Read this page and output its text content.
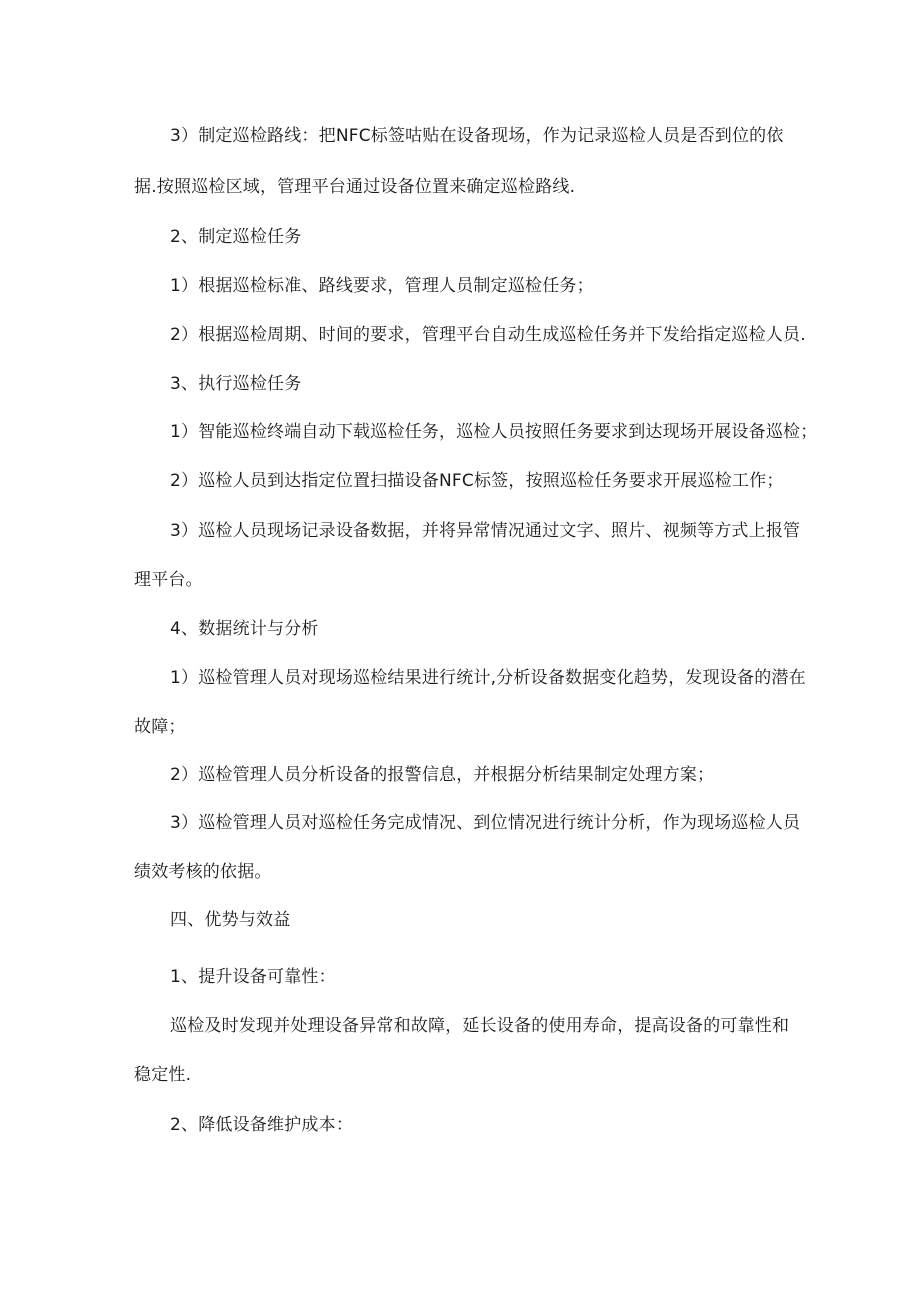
3）制定巡检路线：把NFC标签咕贴在设备现场，作为记录巡检人员是否到位的依

据.按照巡检区域，管理平台通过设备位置来确定巡检路线.

2、制定巡检任务

1）根据巡检标准、路线要求，管理人员制定巡检任务；

2）根据巡检周期、时间的要求，管理平台自动生成巡检任务并下发给指定巡检人员.

3、执行巡检任务

1）智能巡检终端自动下载巡检任务，巡检人员按照任务要求到达现场开展设备巡检；

2）巡检人员到达指定位置扫描设备NFC标签，按照巡检任务要求开展巡检工作；

3）巡检人员现场记录设备数据，并将异常情况通过文字、照片、视频等方式上报管

理平台。

4、数据统计与分析

1）巡检管理人员对现场巡检结果进行统计,分析设备数据变化趋势，发现设备的潜在

故障；

2）巡检管理人员分析设备的报警信息，并根据分析结果制定处理方案；

3）巡检管理人员对巡检任务完成情况、到位情况进行统计分析，作为现场巡检人员

绩效考核的依据。

四、优势与效益

1、提升设备可靠性：

巡检及时发现并处理设备异常和故障，延长设备的使用寿命，提高设备的可靠性和

稳定性.

2、降低设备维护成本：
